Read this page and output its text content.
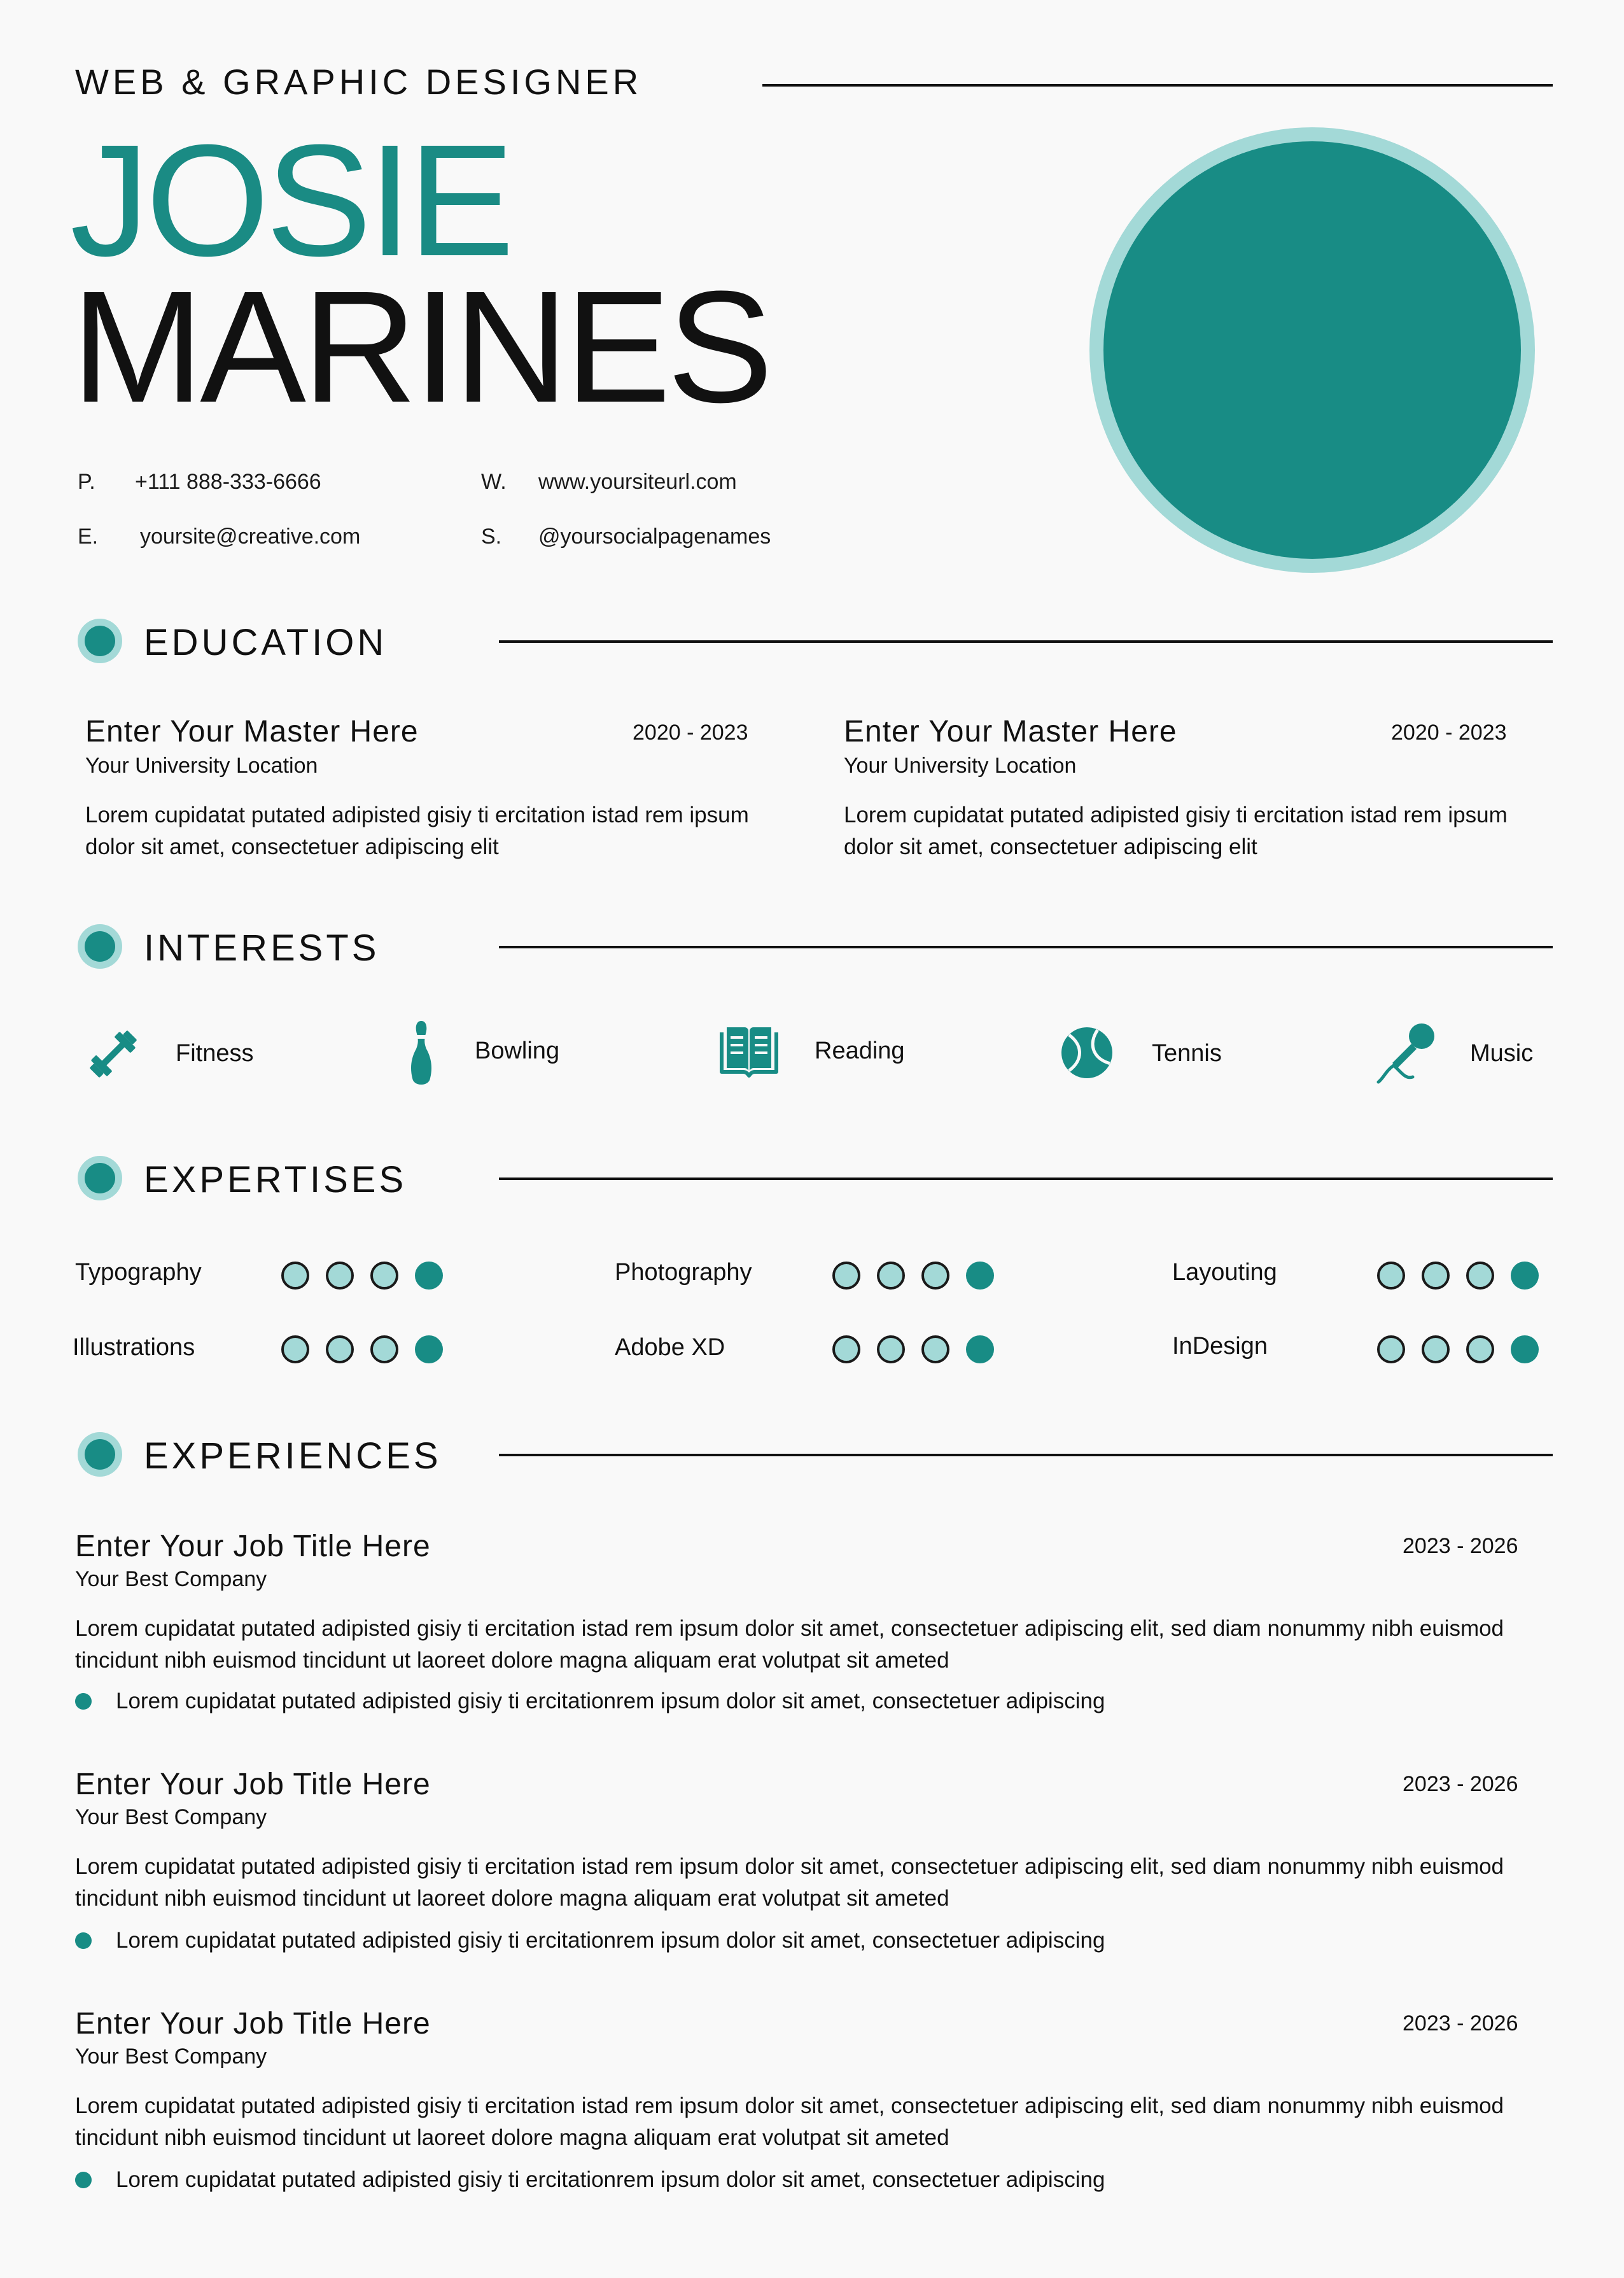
WEB & GRAPHIC DESIGNER
JOSIE
MARINES
P. +111 888-333-6666
E. yoursite@creative.com
W. www.yoursiteurl.com
S. @yoursocialpagenames
EDUCATION
Enter Your Master Here	2020 - 2023
Your University Location
Lorem cupidatat putated adipisted gisiy ti ercitation istad rem ipsum dolor sit amet, consectetuer adipiscing elit
Enter Your Master Here	2020 - 2023
Your University Location
Lorem cupidatat putated adipisted gisiy ti ercitation istad rem ipsum dolor sit amet, consectetuer adipiscing elit
INTERESTS
Fitness	Bowling	Reading	Tennis	Music
EXPERTISES
Typography	Photography	Layouting
Illustrations	Adobe XD	InDesign
EXPERIENCES
Enter Your Job Title Here	2023 - 2026
Your Best Company
Lorem cupidatat putated adipisted gisiy ti ercitation istad rem ipsum dolor sit amet, consectetuer adipiscing elit, sed diam nonummy nibh euismod tincidunt nibh euismod tincidunt ut laoreet dolore magna aliquam erat volutpat sit ameted
Lorem cupidatat putated adipisted gisiy ti ercitationrem ipsum dolor sit amet, consectetuer adipiscing
Enter Your Job Title Here	2023 - 2026
Your Best Company
Lorem cupidatat putated adipisted gisiy ti ercitation istad rem ipsum dolor sit amet, consectetuer adipiscing elit, sed diam nonummy nibh euismod tincidunt nibh euismod tincidunt ut laoreet dolore magna aliquam erat volutpat sit ameted
Lorem cupidatat putated adipisted gisiy ti ercitationrem ipsum dolor sit amet, consectetuer adipiscing
Enter Your Job Title Here	2023 - 2026
Your Best Company
Lorem cupidatat putated adipisted gisiy ti ercitation istad rem ipsum dolor sit amet, consectetuer adipiscing elit, sed diam nonummy nibh euismod tincidunt nibh euismod tincidunt ut laoreet dolore magna aliquam erat volutpat sit ameted
Lorem cupidatat putated adipisted gisiy ti ercitationrem ipsum dolor sit amet, consectetuer adipiscing
